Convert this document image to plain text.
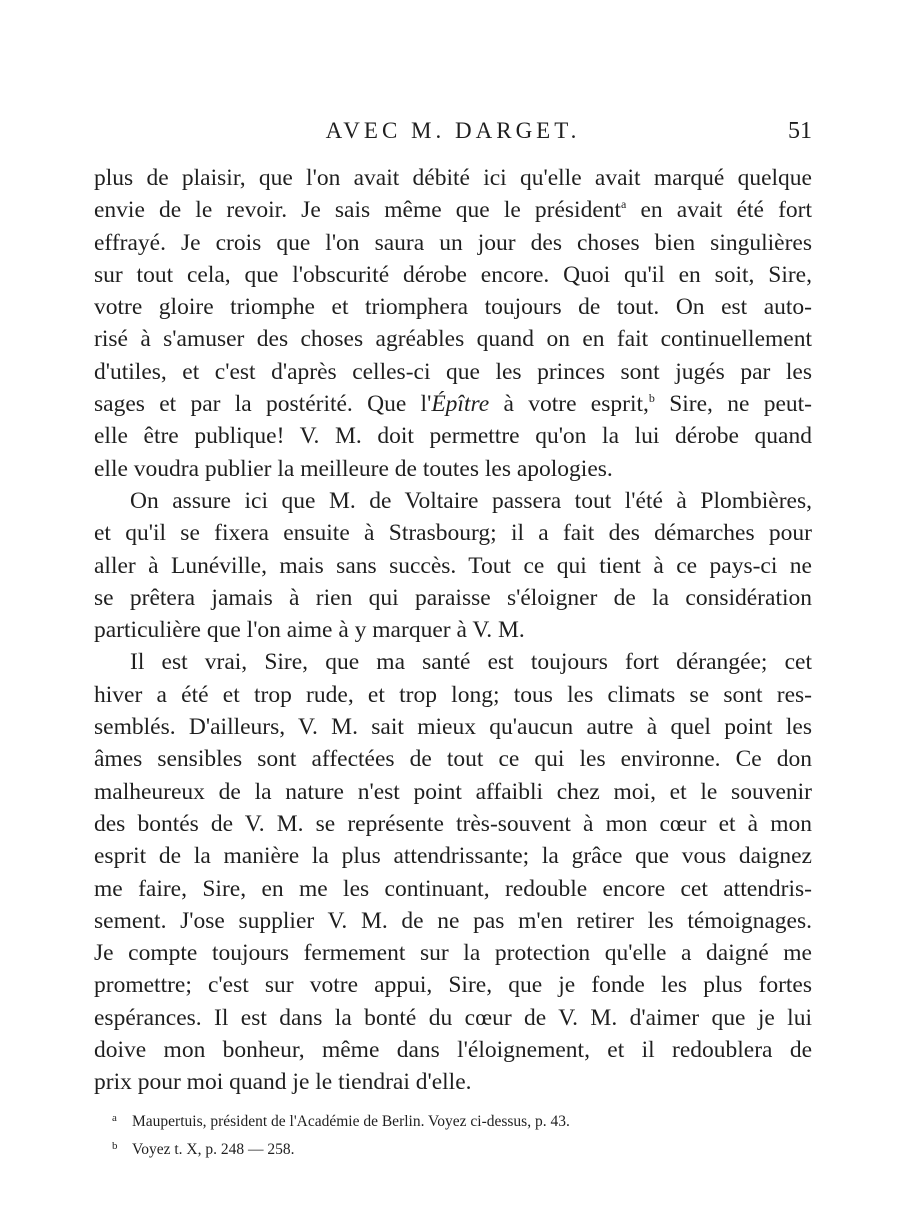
AVEC M. DARGET.	51
plus de plaisir, que l'on avait débité ici qu'elle avait marqué quelque
envie de le revoir. Je sais même que le président$^a$ en avait été fort
effrayé. Je crois que l'on saura un jour des choses bien singulières
sur tout cela, que l'obscurité dérobe encore. Quoi qu'il en soit, Sire,
votre gloire triomphe et triomphera toujours de tout. On est auto-
risé à s'amuser des choses agréables quand on en fait continuellement
d'utiles, et c'est d'après celles-ci que les princes sont jugés par les
sages et par la postérité. Que l'Épître à votre esprit,$^b$ Sire, ne peut-
elle être publique! V. M. doit permettre qu'on la lui dérobe quand
elle voudra publier la meilleure de toutes les apologies.
On assure ici que M. de Voltaire passera tout l'été à Plombières,
et qu'il se fixera ensuite à Strasbourg; il a fait des démarches pour
aller à Lunéville, mais sans succès. Tout ce qui tient à ce pays-ci ne
se prêtera jamais à rien qui paraisse s'éloigner de la considération
particulière que l'on aime à y marquer à V. M.
Il est vrai, Sire, que ma santé est toujours fort dérangée; cet
hiver a été et trop rude, et trop long; tous les climats se sont res-
semblés. D'ailleurs, V. M. sait mieux qu'aucun autre à quel point les
âmes sensibles sont affectées de tout ce qui les environne. Ce don
malheureux de la nature n'est point affaibli chez moi, et le souvenir
des bontés de V. M. se représente très-souvent à mon cœur et à mon
esprit de la manière la plus attendrissante; la grâce que vous daignez
me faire, Sire, en me les continuant, redouble encore cet attendris-
sement. J'ose supplier V. M. de ne pas m'en retirer les témoignages.
Je compte toujours fermement sur la protection qu'elle a daigné me
promettre; c'est sur votre appui, Sire, que je fonde les plus fortes
espérances. Il est dans la bonté du cœur de V. M. d'aimer que je lui
doive mon bonheur, même dans l'éloignement, et il redoublera de
prix pour moi quand je le tiendrai d'elle.
a Maupertuis, président de l'Académie de Berlin. Voyez ci-dessus, p. 43.
b Voyez t. X, p. 248 — 258.
